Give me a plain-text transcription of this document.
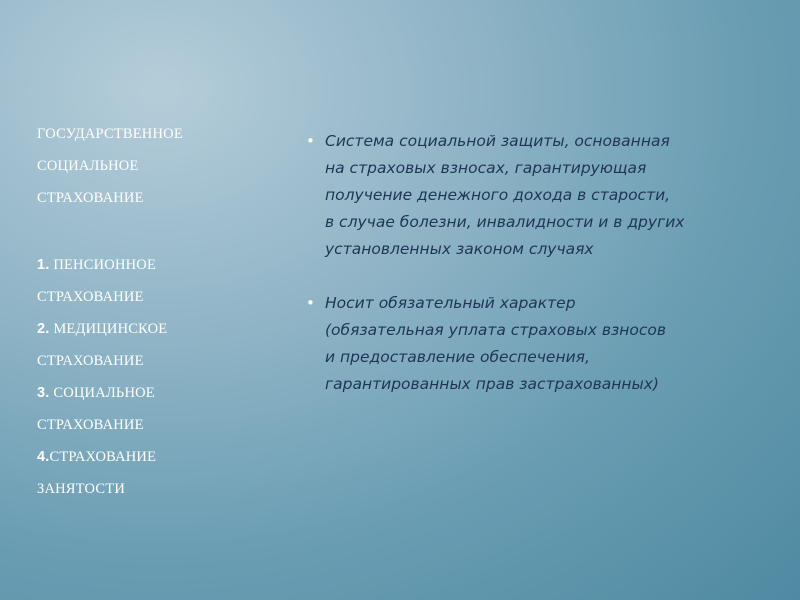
ГОСУДАРСТВЕННОЕ
СОЦИАЛЬНОЕ
СТРАХОВАНИЕ
1. ПЕНСИОННОЕ
СТРАХОВАНИЕ
2. МЕДИЦИНСКОЕ
СТРАХОВАНИЕ
3. СОЦИАЛЬНОЕ
СТРАХОВАНИЕ
4.СТРАХОВАНИЕ
ЗАНЯТОСТИ
• Система социальной защиты, основанная
на страховых взносах, гарантирующая
получение денежного дохода в старости,
в случае болезни, инвалидности и в других
установленных законом случаях
• Носит обязательный характер
(обязательная уплата страховых взносов
и предоставление обеспечения,
гарантированных прав застрахованных)
